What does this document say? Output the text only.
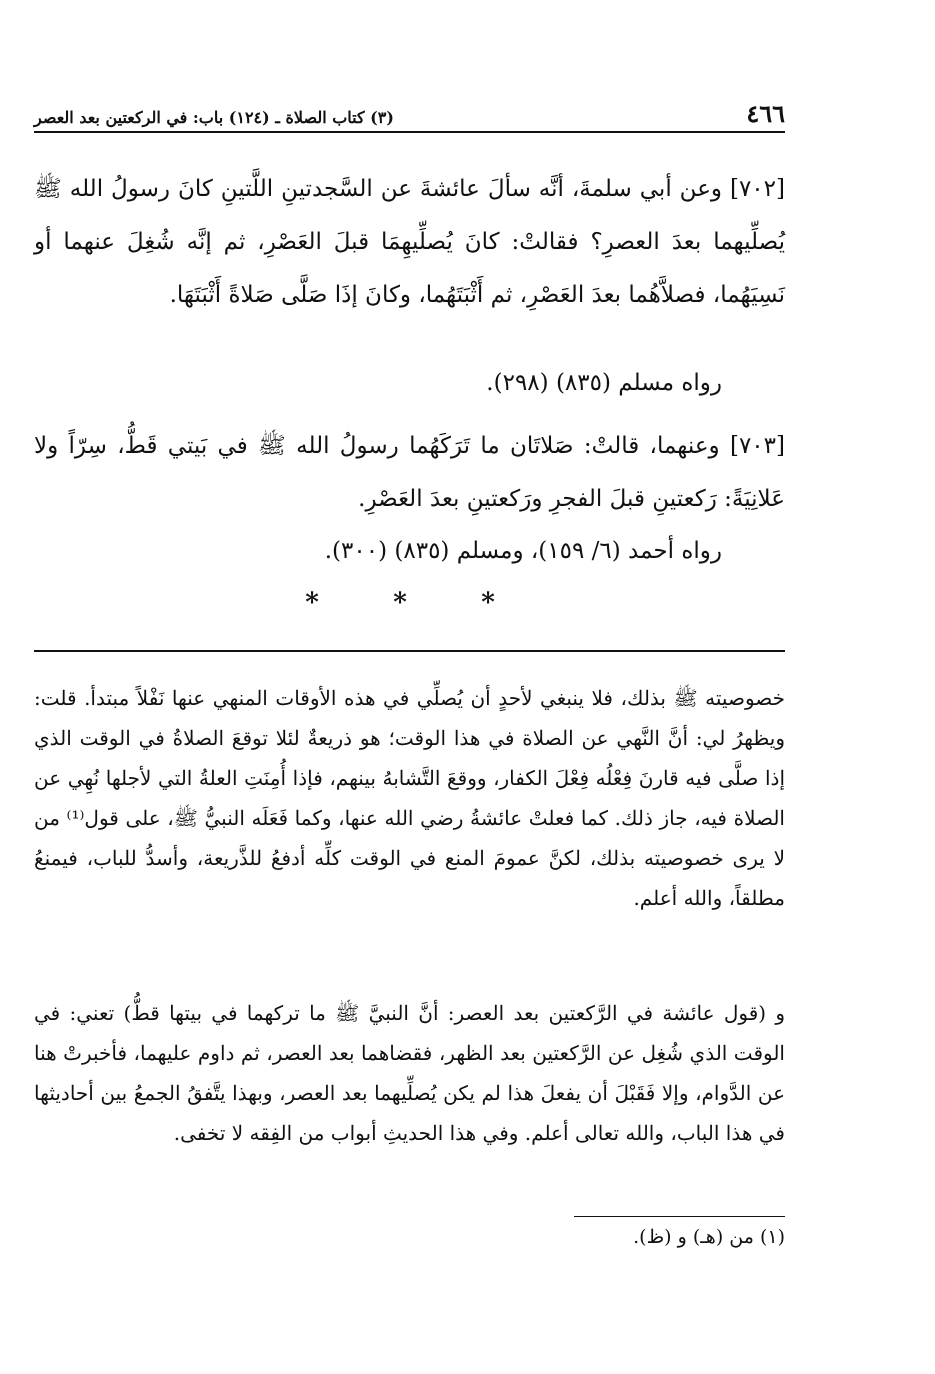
٤٦٦
(٣) كتاب الصلاة ـ (١٢٤) باب: في الركعتين بعد العصر
[٧٠٢] وعن أبي سلمةَ، أنَّه سألَ عائشةَ عن السَّجدتينِ اللَّتينِ كانَ رسولُ الله ﷺ يُصلِّيهما بعدَ العصرِ؟ فقالتْ: كانَ يُصلِّيهِمَا قبلَ العَصْرِ، ثم إنَّه شُغِلَ عنهما أو نَسِيَهُما، فصلاَّهُما بعدَ العَصْرِ، ثم أَثْبَتَهُما، وكانَ إذَا صَلَّى صَلاةً أَثْبَتَهَا.
رواه مسلم (٨٣٥) (٢٩٨).
[٧٠٣] وعنهما، قالتْ: صَلاتَان ما تَرَكَهُما رسولُ الله ﷺ في بَيتي قَطُّ، سِرّاً ولا عَلانِيَةً: رَكعتينِ قبلَ الفجرِ ورَكعتينِ بعدَ العَصْرِ.
رواه أحمد (٦/ ١٥٩)، ومسلم (٨٣٥) (٣٠٠).
*
*
*
خصوصيته ﷺ بذلك، فلا ينبغي لأحدٍ أن يُصلِّي في هذه الأوقات المنهي عنها نَفْلاً مبتدأ. قلت: ويظهرُ لي: أنَّ النَّهي عن الصلاة في هذا الوقت؛ هو ذريعةٌ لئلا توقعَ الصلاةُ في الوقت الذي إذا صلَّى فيه قارنَ فِعْلُه فِعْلَ الكفار، ووقعَ التَّشابهُ بينهم، فإذا أُمِنَتِ العلةُ التي لأجلها نُهِي عن الصلاة فيه، جاز ذلك. كما فعلتْ عائشةُ رضي الله عنها، وكما فَعَلَه النبيُّ ﷺ، على قول⁽¹⁾ من لا يرى خصوصيته بذلك، لكنَّ عمومَ المنع في الوقت كلِّه أدفعُ للذَّريعة، وأسدُّ للباب، فيمنعُ مطلقاً، والله أعلم.
و (قول عائشة في الرَّكعتين بعد العصر: أنَّ النبيَّ ﷺ ما تركهما في بيتها قطُّ) تعني: في الوقت الذي شُغِل عن الرَّكعتين بعد الظهر، فقضاهما بعد العصر، ثم داوم عليهما، فأخبرتْ هنا عن الدَّوام، وإلا فَقَبْلَ أن يفعلَ هذا لم يكن يُصلِّيهما بعد العصر، وبهذا يتَّفقُ الجمعُ بين أحاديثها في هذا الباب، والله تعالى أعلم. وفي هذا الحديثِ أبواب من الفِقه لا تخفى.
(١) من (هـ) و (ظ).
